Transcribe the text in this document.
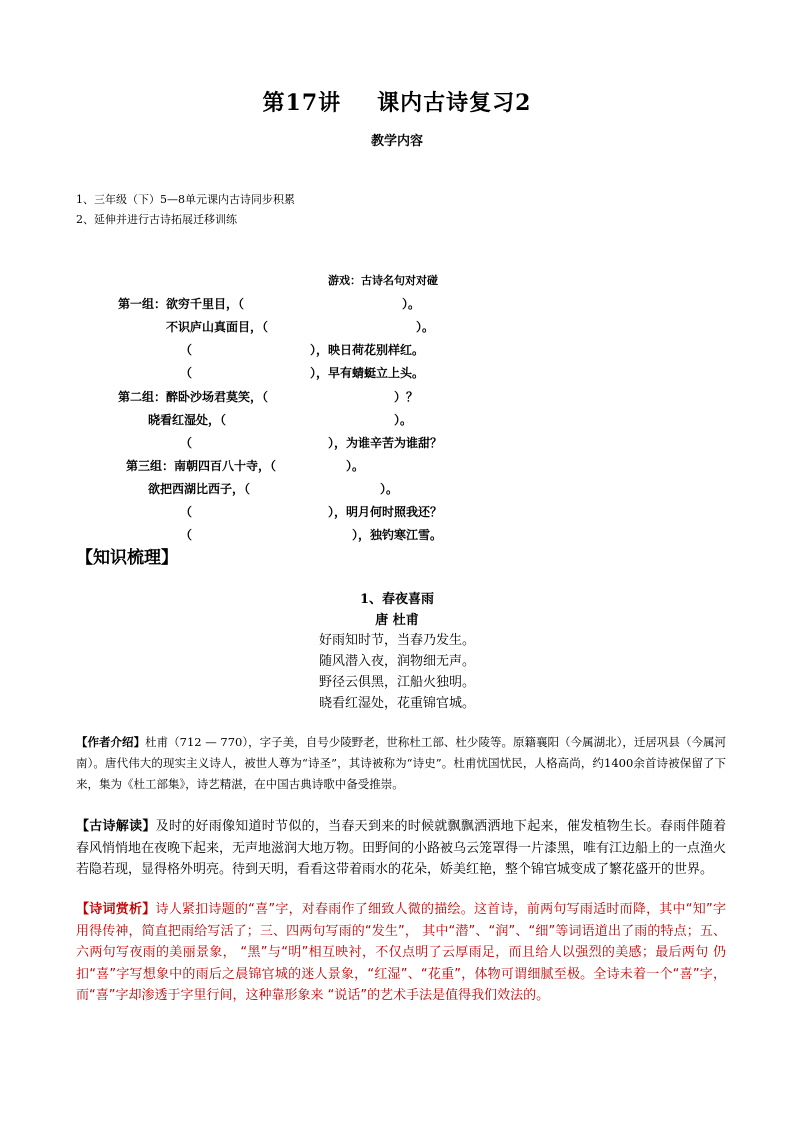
第17讲 课内古诗复习2
教学内容
1、三年级（下）5—8单元课内古诗同步积累
2、延伸并进行古诗拓展迁移训练
游戏：古诗名句对对碰
第一组：欲穷千里目，（	）。
不识庐山真面目，（	）。
（	），映日荷花别样红。
（	），早有蜻蜓立上头。
第二组：醉卧沙场君莫笑，（	）？
晓看红湿处，（	）。
（	），为谁辛苦为谁甜？
第三组：南朝四百八十寺，（	）。
欲把西湖比西子，（	）。
（	），明月何时照我还？
（	），独钓寒江雪。
【知识梳理】
1、春夜喜雨
唐 杜甫
好雨知时节，当春乃发生。
随风潜入夜，润物细无声。
野径云俱黑，江船火独明。
晓看红湿处，花重锦官城。
【作者介绍】杜甫（712 — 770），字子美，自号少陵野老，世称杜工部、杜少陵等。原籍襄阳（今属湖北），迁居巩县（今属河南）。唐代伟大的现实主义诗人，被世人尊为“诗圣”，其诗被称为“诗史”。杜甫忧国忧民，人格高尚，约1400余首诗被保留了下来，集为《杜工部集》，诗艺精湛，在中国古典诗歌中备受推崇。
【古诗解读】及时的好雨像知道时节似的，当春天到来的时候就飘飘洒洒地下起来，催发植物生长。春雨伴随着春风悄悄地在夜晚下起来，无声地滋润大地万物。田野间的小路被乌云笼罩得一片漆黑，唯有江边船上的一点渔火若隐若现，显得格外明亮。待到天明，看看这带着雨水的花朵，娇美红艳，整个锦官城变成了繁花盛开的世界。
【诗词赏析】诗人紧扣诗题的“喜”字，对春雨作了细致人微的描绘。这首诗，前两句写雨适时而降，其中“知”字用得传神，简直把雨给写活了；三、四两句写雨的“发生”， 其中“潜”、“润”、“细”等词语道出了雨的特点；五、六两句写夜雨的美丽景象， “黑”与“明”相互映衬，不仅点明了云厚雨足，而且给人以强烈的美感；最后两句 仍扣“喜”字写想象中的雨后之晨锦官城的迷人景象，“红湿”、“花重”，体物可谓细腻至极。全诗未着一个“喜”字，而“喜”字却渗透于字里行间，这种靠形象来 “说话”的艺术手法是值得我们效法的。
